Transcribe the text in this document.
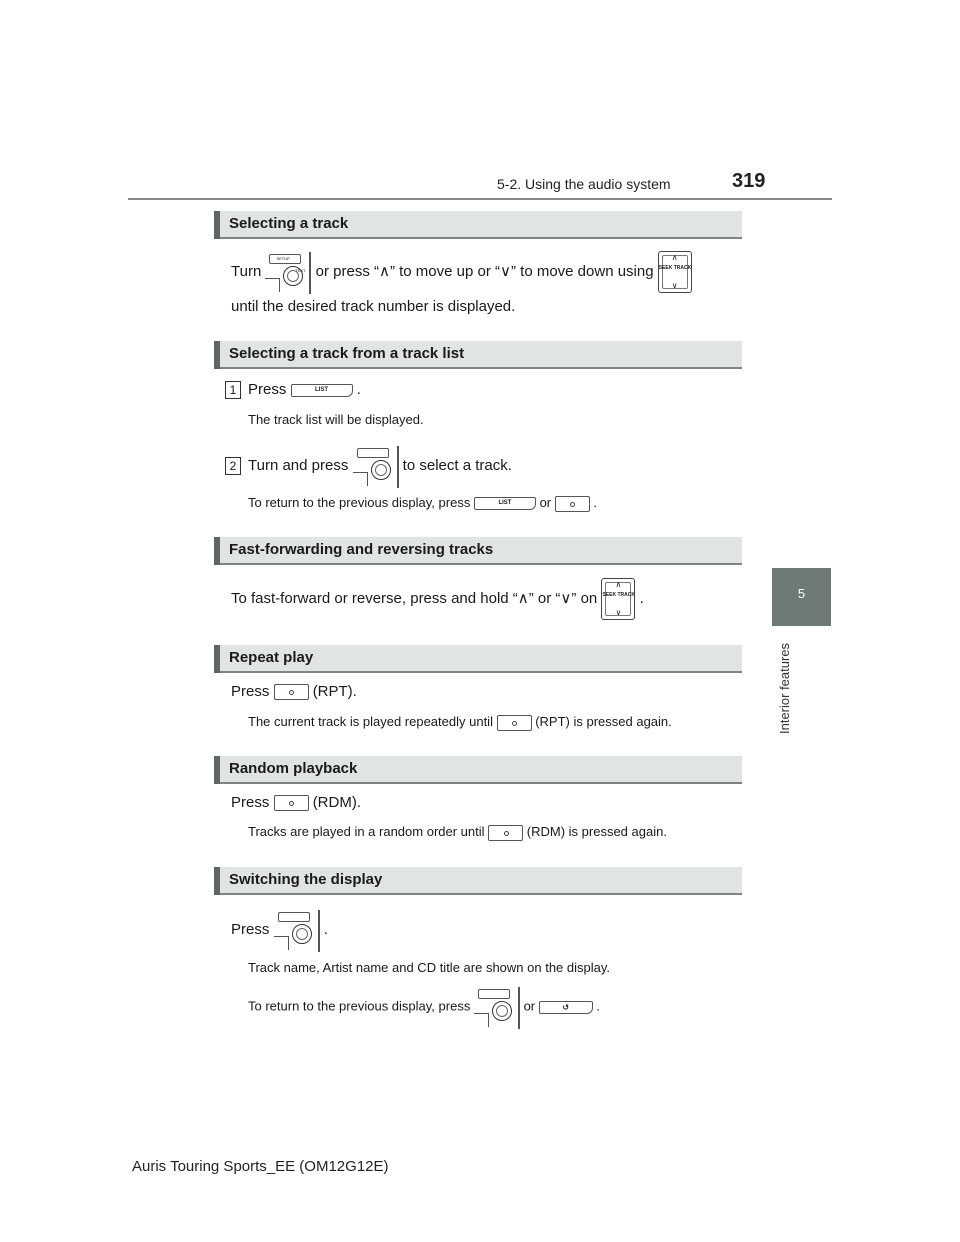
5-2. Using the audio system	319
5
Interior features
Selecting a track
Turn
SETUP
TEXT or press “∧” to move up or “∨” to move down using
∧
SEEK TRACK
∨
until the desired track number is displayed.
Selecting a track from a track list
1 Press	LIST	.
The track list will be displayed.
2 Turn and press	to select a track.
To return to the previous display, press	LIST	or	.
Fast-forwarding and reversing tracks
To fast-forward or reverse, press and hold “∧” or “∨” on
∧
SEEK TRACK
∨
.
Repeat play
Press	(RPT).
The current track is played repeatedly until	(RPT) is pressed again.
Random playback
Press	(RDM).
Tracks are played in a random order until	(RDM) is pressed again.
Switching the display
Press	.
Track name, Artist name and CD title are shown on the display.
To return to the previous display, press	or	↺	.
Auris Touring Sports_EE (OM12G12E)
